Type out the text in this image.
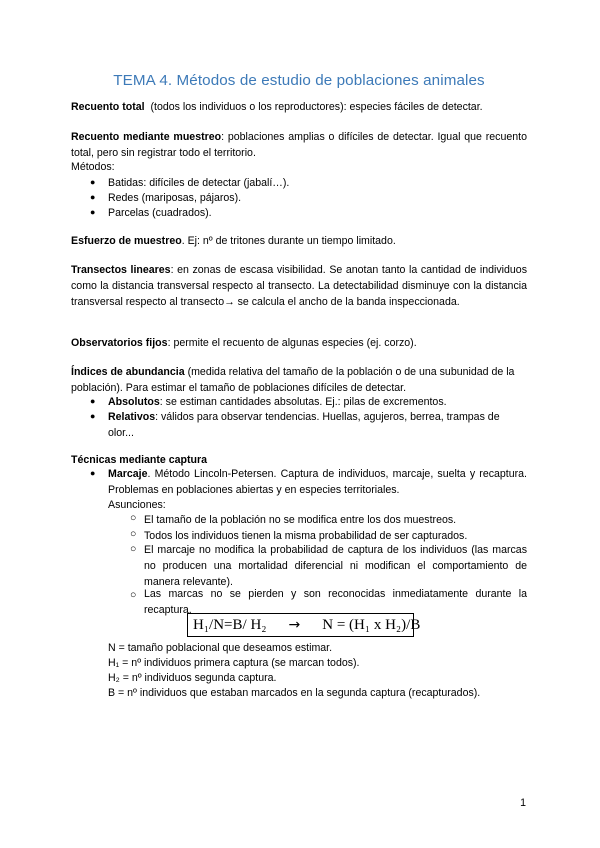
TEMA 4. Métodos de estudio de poblaciones animales
Recuento total (todos los individuos o los reproductores): especies fáciles de detectar.
Recuento mediante muestreo: poblaciones amplias o difíciles de detectar. Igual que recuento total, pero sin registrar todo el territorio.
Métodos:
● Batidas: difíciles de detectar (jabalí…).
● Redes (mariposas, pájaros).
● Parcelas (cuadrados).
Esfuerzo de muestreo. Ej: nº de tritones durante un tiempo limitado.
Transectos lineares: en zonas de escasa visibilidad. Se anotan tanto la cantidad de individuos como la distancia transversal respecto al transecto. La detectabilidad disminuye con la distancia transversal respecto al transecto→ se calcula el ancho de la banda inspeccionada.
Observatorios fijos: permite el recuento de algunas especies (ej. corzo).
Índices de abundancia (medida relativa del tamaño de la población o de una subunidad de la población). Para estimar el tamaño de poblaciones difíciles de detectar.
● Absolutos: se estiman cantidades absolutas. Ej.: pilas de excrementos.
● Relativos: válidos para observar tendencias. Huellas, agujeros, berrea, trampas de olor...
Técnicas mediante captura
● Marcaje. Método Lincoln-Petersen. Captura de individuos, marcaje, suelta y recaptura. Problemas en poblaciones abiertas y en especies territoriales.
Asunciones:
○ El tamaño de la población no se modifica entre los dos muestreos.
○ Todos los individuos tienen la misma probabilidad de ser capturados.
○ El marcaje no modifica la probabilidad de captura de los individuos (las marcas no producen una mortalidad diferencial ni modifican el comportamiento de manera relevante).
○ Las marcas no se pierden y son reconocidas inmediatamente durante la recaptura.
N = tamaño poblacional que deseamos estimar.
H₁ = nº individuos primera captura (se marcan todos).
H₂ = nº individuos segunda captura.
B = nº individuos que estaban marcados en la segunda captura (recapturados).
H₁/N=B/ H₂ → N = (H₁ x H₂)/B
1
